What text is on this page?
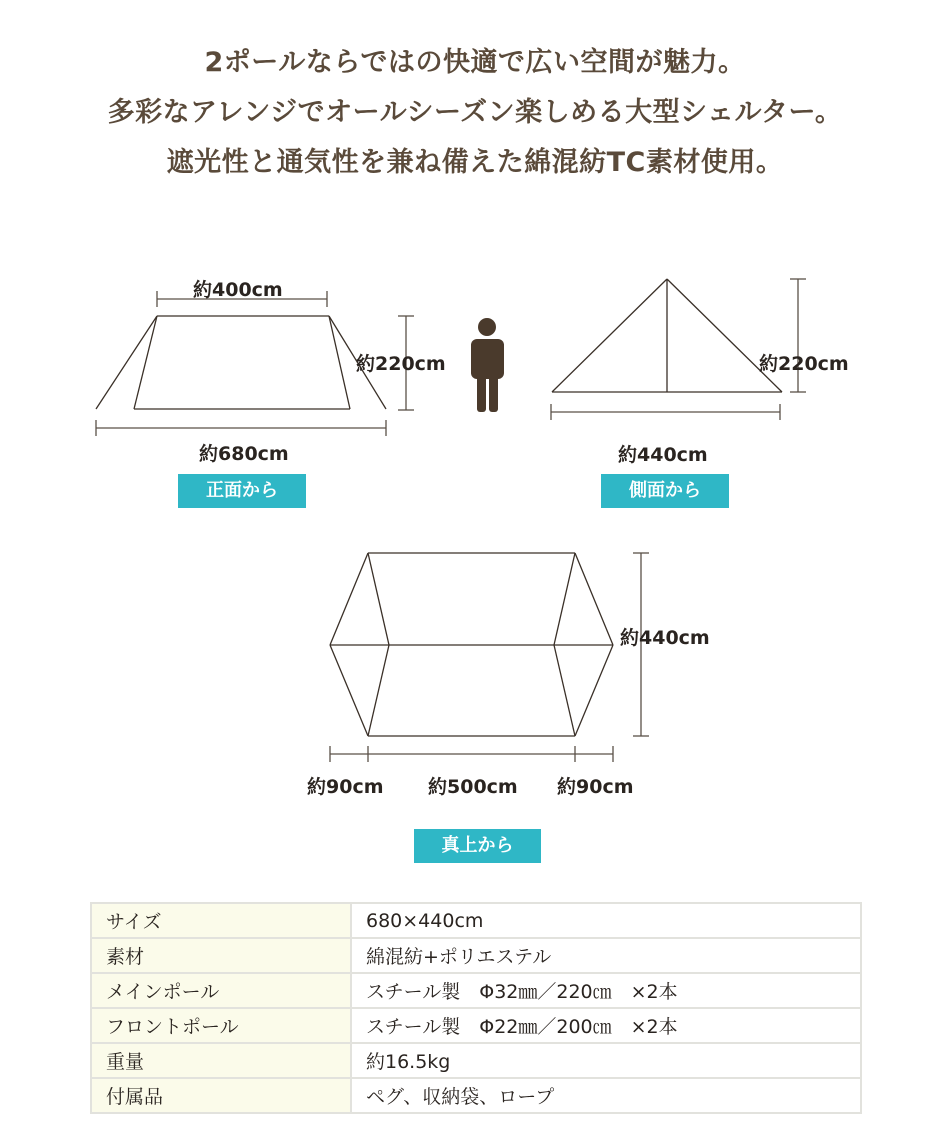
2ポールならではの快適で広い空間が魅力。
多彩なアレンジでオールシーズン楽しめる大型シェルター。
遮光性と通気性を兼ね備えた綿混紡TC素材使用。
約400cm
約220cm
約680cm
正面から
約220cm
約440cm
側面から
約440cm
約90cm 約500cm 約90cm
真上から
サイズ	680×440cm
素材	綿混紡+ポリエステル
メインポール	スチール製　Φ32㎜／220㎝　×2本
フロントポール	スチール製　Φ22㎜／200㎝　×2本
重量	約16.5kg
付属品	ペグ、収納袋、ロープ
